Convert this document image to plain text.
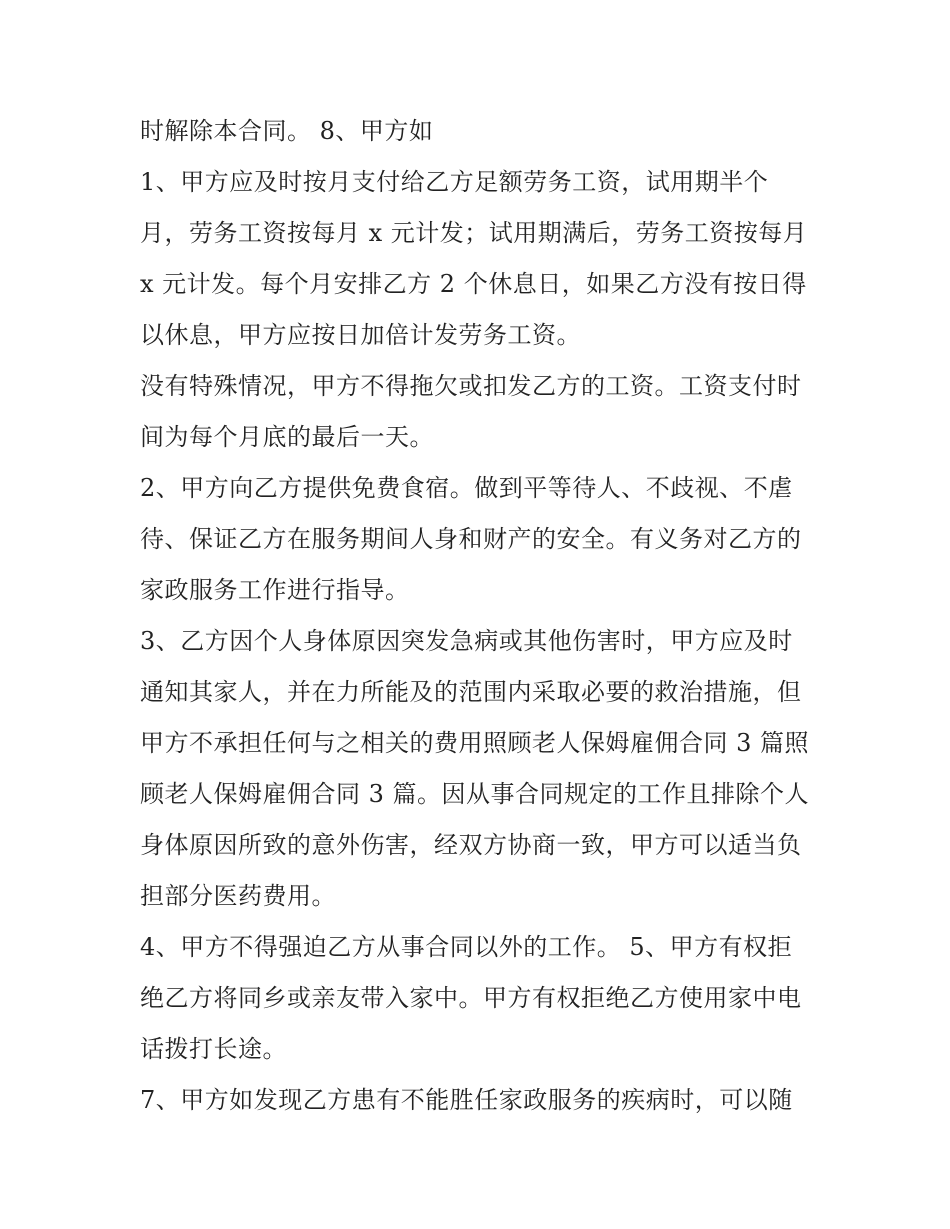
时解除本合同。 8、甲方如
1、甲方应及时按月支付给乙方足额劳务工资，试用期半个
月，劳务工资按每月 x 元计发；试用期满后，劳务工资按每月
x 元计发。每个月安排乙方 2 个休息日，如果乙方没有按日得
以休息，甲方应按日加倍计发劳务工资。
没有特殊情况，甲方不得拖欠或扣发乙方的工资。工资支付时
间为每个月底的最后一天。
2、甲方向乙方提供免费食宿。做到平等待人、不歧视、不虐
待、保证乙方在服务期间人身和财产的安全。有义务对乙方的
家政服务工作进行指导。
3、乙方因个人身体原因突发急病或其他伤害时，甲方应及时
通知其家人，并在力所能及的范围内采取必要的救治措施，但
甲方不承担任何与之相关的费用照顾老人保姆雇佣合同 3 篇照
顾老人保姆雇佣合同 3 篇。因从事合同规定的工作且排除个人
身体原因所致的意外伤害，经双方协商一致，甲方可以适当负
担部分医药费用。
4、甲方不得强迫乙方从事合同以外的工作。 5、甲方有权拒
绝乙方将同乡或亲友带入家中。甲方有权拒绝乙方使用家中电
话拨打长途。
7、甲方如发现乙方患有不能胜任家政服务的疾病时，可以随
